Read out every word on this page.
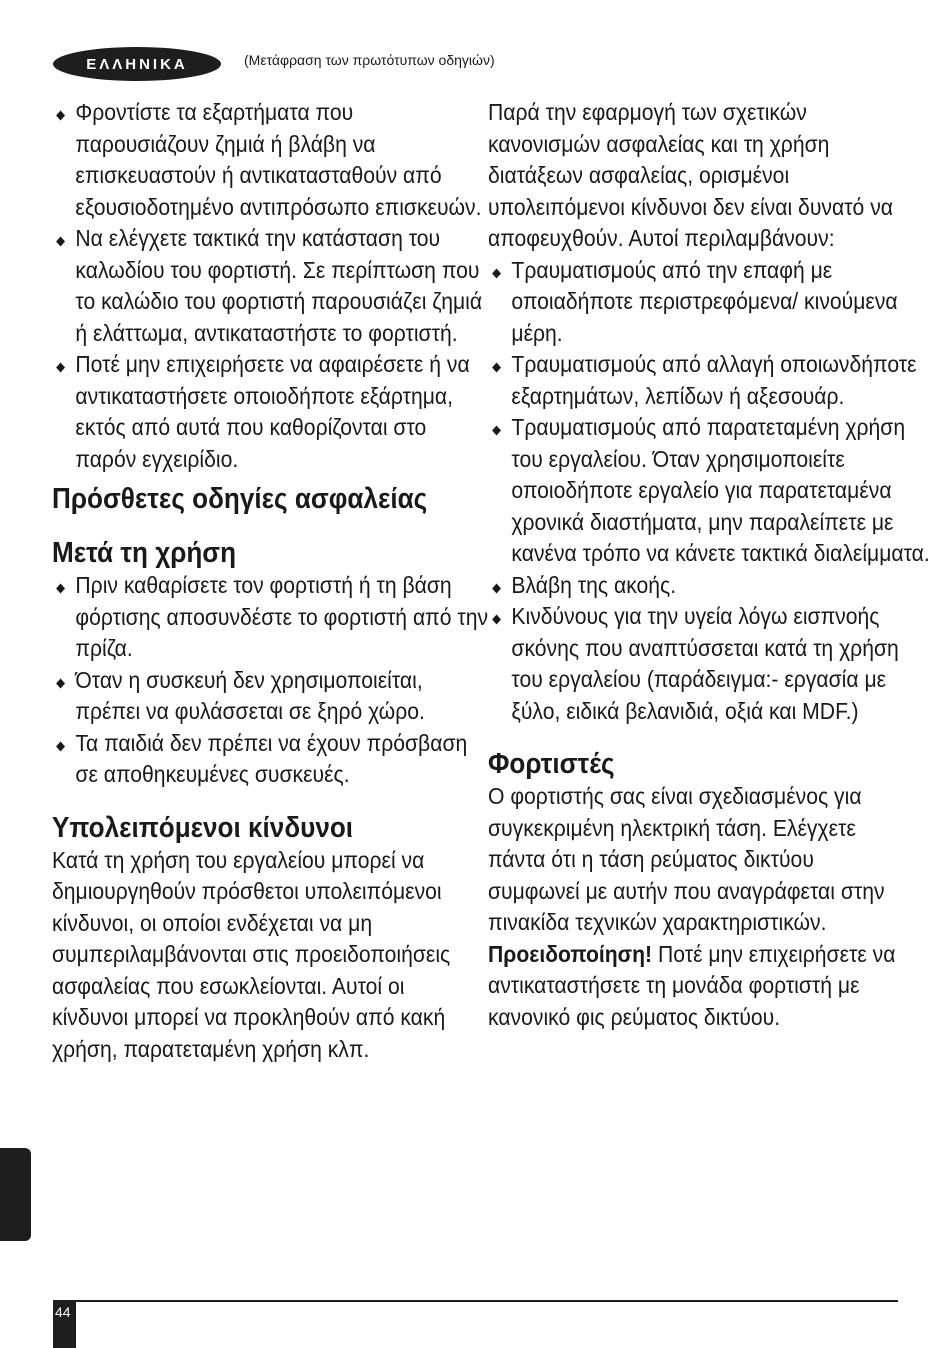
ΕΛΛΗΝΙΚΑ	(Μετάφραση των πρωτότυπων οδηγιών)
Φροντίστε τα εξαρτήματα που παρουσιάζουν ζημιά ή βλάβη να επισκευαστούν ή αντικατασταθούν από εξουσιοδοτημένο αντιπρόσωπο επισκευών.
Να ελέγχετε τακτικά την κατάσταση του καλωδίου του φορτιστή. Σε περίπτωση που το καλώδιο του φορτιστή παρουσιάζει ζημιά ή ελάττωμα, αντικαταστήστε το φορτιστή.
Ποτέ μην επιχειρήσετε να αφαιρέσετε ή να αντικαταστήσετε οποιοδήποτε εξάρτημα, εκτός από αυτά που καθορίζονται στο παρόν εγχειρίδιο.
Πρόσθετες οδηγίες ασφαλείας
Μετά τη χρήση
Πριν καθαρίσετε τον φορτιστή ή τη βάση φόρτισης αποσυνδέστε το φορτιστή από την πρίζα.
Όταν η συσκευή δεν χρησιμοποιείται, πρέπει να φυλάσσεται σε ξηρό χώρο.
Τα παιδιά δεν πρέπει να έχουν πρόσβαση σε αποθηκευμένες συσκευές.
Υπολειπόμενοι κίνδυνοι

Κατά τη χρήση του εργαλείου μπορεί να δημιουργηθούν πρόσθετοι υπολειπόμενοι κίνδυνοι, οι οποίοι ενδέχεται να μη συμπεριλαμβάνονται στις προειδοποιήσεις ασφαλείας που εσωκλείονται. Αυτοί οι κίνδυνοι μπορεί να προκληθούν από κακή χρήση, παρατεταμένη χρήση κλπ.

Παρά την εφαρμογή των σχετικών κανονισμών ασφαλείας και τη χρήση διατάξεων ασφαλείας, ορισμένοι υπολειπόμενοι κίνδυνοι δεν είναι δυνατό να αποφευχθούν. Αυτοί περιλαμβάνουν:

Τραυματισμούς από την επαφή με οποιαδήποτε περιστρεφόμενα/ κινούμενα μέρη.
Τραυματισμούς από αλλαγή οποιωνδήποτε εξαρτημάτων, λεπίδων ή αξεσουάρ.
Τραυματισμούς από παρατεταμένη χρήση του εργαλείου. Όταν χρησιμοποιείτε οποιοδήποτε εργαλείο για παρατεταμένα χρονικά διαστήματα, μην παραλείπετε με κανένα τρόπο να κάνετε τακτικά διαλείμματα.
Βλάβη της ακοής.
Κινδύνους για την υγεία λόγω εισπνοής σκόνης που αναπτύσσεται κατά τη χρήση του εργαλείου (παράδειγμα:- εργασία με ξύλο, ειδικά βελανιδιά, οξιά και MDF.)
Φορτιστές

Ο φορτιστής σας είναι σχεδιασμένος για συγκεκριμένη ηλεκτρική τάση. Ελέγχετε πάντα ότι η τάση ρεύματος δικτύου συμφωνεί με αυτήν που αναγράφεται στην πινακίδα τεχνικών χαρακτηριστικών.

Προειδοποίηση! Ποτέ μην επιχειρήσετε να αντικαταστήσετε τη μονάδα φορτιστή με κανονικό φις ρεύματος δικτύου.

44
